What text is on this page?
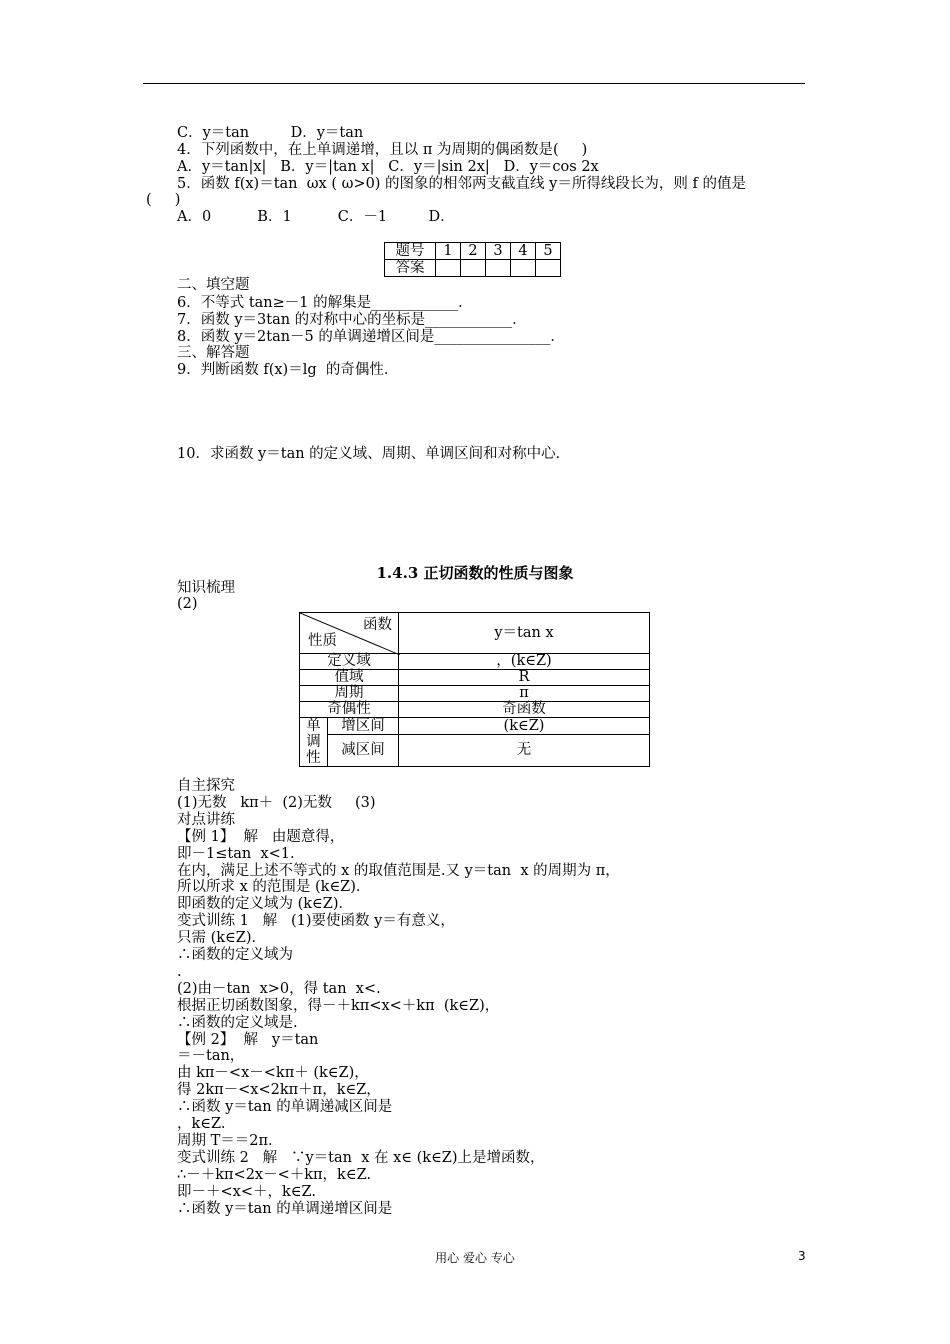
C．y＝tan         D．y＝tan
4．下列函数中，在上单调递增，且以 π 为周期的偶函数是(     )
A．y＝tan|x|   B．y＝|tan x|   C．y＝|sin 2x|   D．y＝cos 2x
5．函数 f(x)＝tan  ωx ( ω>0) 的图象的相邻两支截直线 y＝所得线段长为，则 f 的值是
(     )
A．0          B．1          C．－1         D．
题号	1	2	3	4	5
答案					
二、填空题
6．不等式 tan≥－1 的解集是____________．
7．函数 y＝3tan 的对称中心的坐标是____________．
8．函数 y＝2tan－5 的单调递增区间是________________．
三、解答题
9．判断函数 f(x)＝lg  的奇偶性．
10．求函数 y＝tan 的定义域、周期、单调区间和对称中心．
1.4.3 正切函数的性质与图象
知识梳理
(2)
函数
性质		y＝tan x
定义域		，(k∈Z)
值域		R
周期		π
奇偶性		奇函数

单
调
性	增区间	(k∈Z)
	减区间	无
自主探究
(1)无数   kπ＋  (2)无数     (3)
对点讲练
【例 1】  解   由题意得，
即－1≤tan  x<1.
在内，满足上述不等式的 x 的取值范围是.又 y＝tan  x 的周期为 π，
所以所求 x 的范围是 (k∈Z)．
即函数的定义域为 (k∈Z)．
变式训练 1   解   (1)要使函数 y＝有意义，
只需 (k∈Z)．
∴函数的定义域为
.
(2)由－tan  x>0，得 tan  x<.
根据正切函数图象，得－＋kπ<x<＋kπ  (k∈Z)，
∴函数的定义域是.
【例 2】  解   y＝tan
＝－tan，
由 kπ－<x－<kπ＋ (k∈Z)，
得 2kπ－<x<2kπ＋π，k∈Z，
∴函数 y＝tan 的单调递减区间是
，k∈Z.
周期 T＝＝2π．
变式训练 2   解   ∵y＝tan  x 在 x∈ (k∈Z)上是增函数，
∴－＋kπ<2x－<＋kπ，k∈Z.
即－＋<x<＋，k∈Z.
∴函数 y＝tan 的单调递增区间是
用心 爱心 专心	3
